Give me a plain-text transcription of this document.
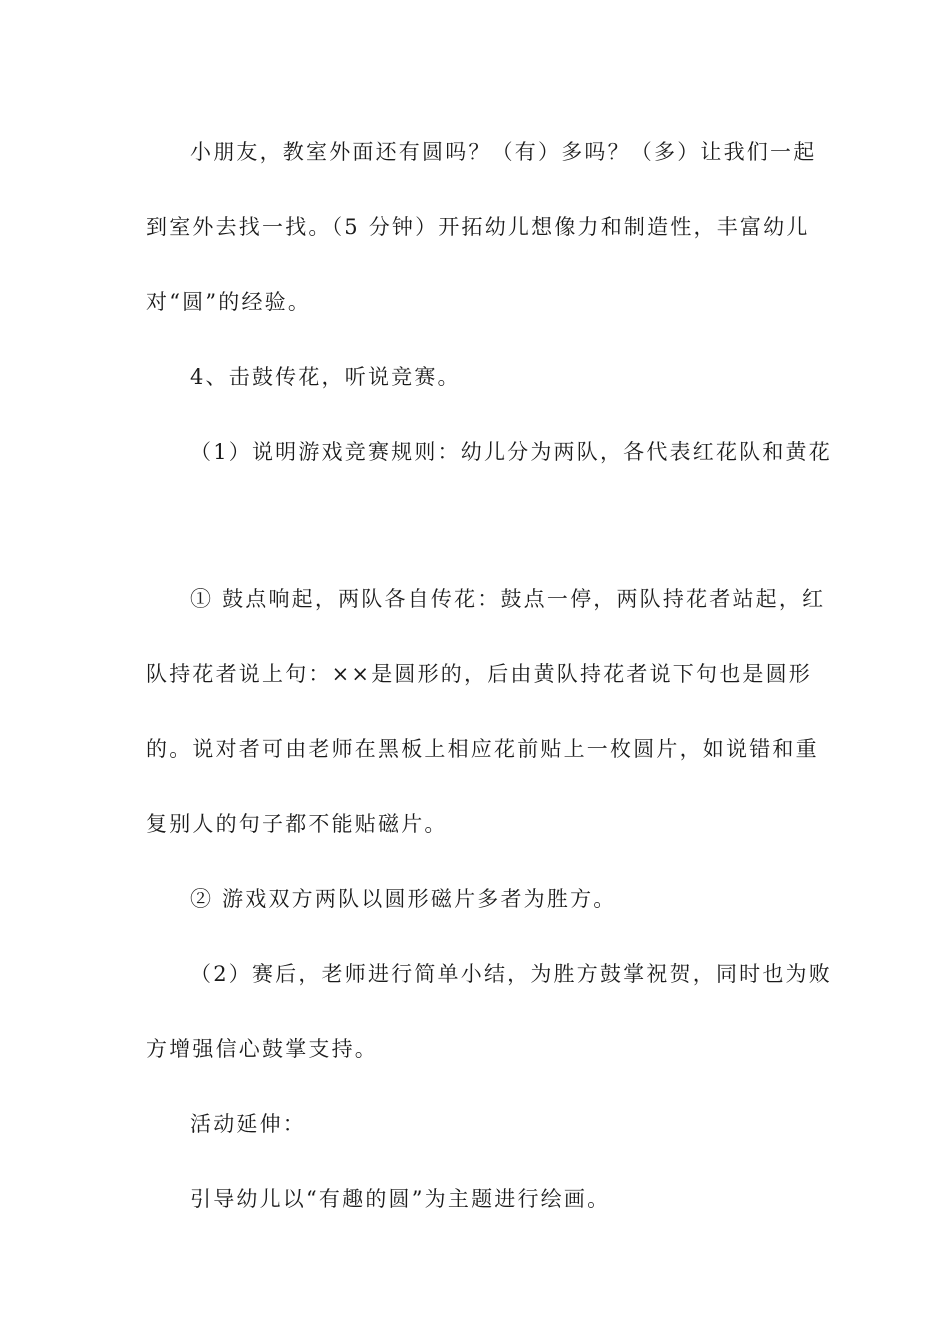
小朋友，教室外面还有圆吗？（有）多吗？（多）让我们一起
到室外去找一找。（5 分钟）开拓幼儿想像力和制造性，丰富幼儿
对“圆”的经验。
4、击鼓传花，听说竞赛。
（1）说明游戏竞赛规则：幼儿分为两队，各代表红花队和黄花
① 鼓点响起，两队各自传花：鼓点一停，两队持花者站起，红
队持花者说上句：××是圆形的，后由黄队持花者说下句也是圆形
的。说对者可由老师在黑板上相应花前贴上一枚圆片，如说错和重
复别人的句子都不能贴磁片。
② 游戏双方两队以圆形磁片多者为胜方。
（2）赛后，老师进行简单小结，为胜方鼓掌祝贺，同时也为败
方增强信心鼓掌支持。
活动延伸：
引导幼儿以“有趣的圆”为主题进行绘画。
